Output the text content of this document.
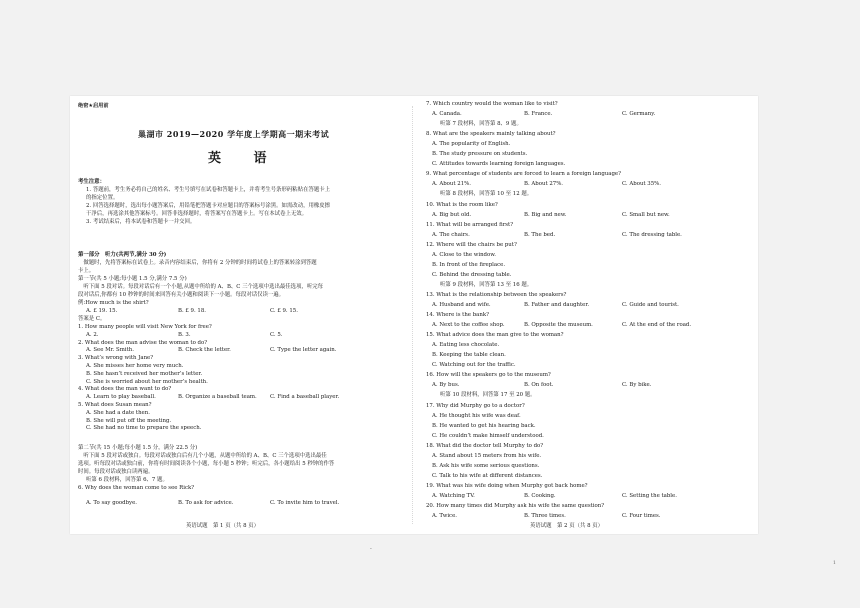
绝密★启用前
巢湖市 2019—2020 学年度上学期高一期末考试
英 语
考生注意：
1. 答题前，考生务必将自己的姓名、考生号填写在试卷和答题卡上，并将考生号条形码粘贴在答题卡上
的指定位置。
2. 回答选择题时，选出每小题答案后，用铅笔把答题卡对应题目的答案标号涂黑。如需改动，用橡皮擦
干净后，再选涂其他答案标号。回答非选择题时，将答案写在答题卡上。写在本试卷上无效。
3. 考试结束后，将本试卷和答题卡一并交回。
第一部分　听力(共两节,满分 30 分)
　做题时，先将答案标在试卷上。录音内容结束后，你将有 2 分钟的时间将试卷上的答案转涂到答题
卡上。
第一节(共 5 小题;每小题 1.5 分,满分 7.5 分)
　听下面 5 段对话。每段对话后有一个小题,从题中所给的 A、B、C 三个选项中选出最佳选项，听完每
段对话后,你都有 10 秒钟的时间来回答有关小题和阅读下一小题。每段对话仅读一遍。
例:How much is the shirt?
A. £ 19. 15.	B. £ 9. 18.	C. £ 9. 15.
答案是 C。
1. How many people will visit New York for free?
A. 2.	B. 3.	C. 5.
2. What does the man advise the woman to do?
A. See Mr. Smith.	B. Check the letter.	C. Type the letter again.
3. What’s wrong with Jane?
A. She misses her home very much.
B. She hasn’t received her mother’s letter.
C. She is worried about her mother’s health.
4. What does the man want to do?
A. Learn to play baseball.	B. Organize a baseball team. C. Find a baseball player.
5. What does Susan mean?
A. She had a date then.
B. She will put off the meeting.
C. She had no time to prepare the speech.
第二节(共 15 小题;每小题 1.5 分，满分 22.5 分)
　听下面 5 段对话或独白。每段对话或独白后有几个小题，从题中所给的 A、B、C 三个选项中选出最佳
选项。听每段对话或独白前，你将有时间阅读各个小题，每小题 5 秒钟；听完后，各小题给出 5 秒钟的作答
时间。每段对话或独白读两遍。
听第 6 段材料，回答第 6、7 题。
6. Why does the woman come to see Rick?
A. To say goodbye.	B. To ask for advice.	C. To invite him to travel.
英语试题　第 1 页（共 8 页）
7. Which country would the woman like to visit?
A. Canada.	B. France.	C. Germany.
听第 7 段材料，回答第 8、9 题。
8. What are the speakers mainly talking about?
A. The popularity of English.
B. The study pressure on students.
C. Attitudes towards learning foreign languages.
9. What percentage of students are forced to learn a foreign language?
A. About 21%.	B. About 27%.	C. About 35%.
听第 8 段材料，回答第 10 至 12 题。
10. What is the room like?
A. Big but old.	B. Big and new.	C. Small but new.
11. What will be arranged first?
A. The chairs.	B. The bed.	C. The dressing table.
12. Where will the chairs be put?
A. Close to the window.
B. In front of the fireplace.
C. Behind the dressing table.
听第 9 段材料，回答第 13 至 16 题。
13. What is the relationship between the speakers?
A. Husband and wife.	B. Father and daughter.	C. Guide and tourist.
14. Where is the bank?
A. Next to the coffee shop.	B. Opposite the museum.	C. At the end of the road.
15. What advice does the man give to the woman?
A. Eating less chocolate.
B. Keeping the table clean.
C. Watching out for the traffic.
16. How will the speakers go to the museum?
A. By bus.	B. On foot.	C. By bike.
听第 10 段材料，回答第 17 至 20 题。
17. Why did Murphy go to a doctor?
A. He thought his wife was deaf.
B. He wanted to get his hearing back.
C. He couldn’t make himself understood.
18. What did the doctor tell Murphy to do?
A. Stand about 15 meters from his wife.
B. Ask his wife some serious questions.
C. Talk to his wife at different distances.
19. What was his wife doing when Murphy got back home?
A. Watching TV.	B. Cooking.	C. Setting the table.
20. How many times did Murphy ask his wife the same question?
A. Twice.	B. Three times.	C. Four times.
英语试题　第 2 页（共 8 页）
·
1
